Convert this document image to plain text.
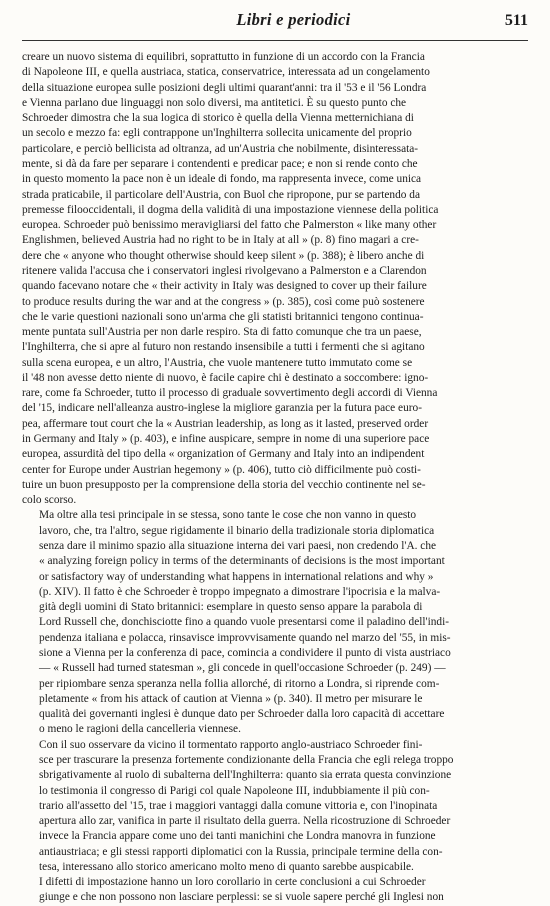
Libri e periodici	511

creare un nuovo sistema di equilibri, soprattutto in funzione di un accordo con la Francia
di Napoleone III, e quella austriaca, statica, conservatrice, interessata ad un congelamento
della situazione europea sulle posizioni degli ultimi quarant'anni: tra il '53 e il '56 Londra
e Vienna parlano due linguaggi non solo diversi, ma antitetici. È su questo punto che
Schroeder dimostra che la sua logica di storico è quella della Vienna metternichiana di
un secolo e mezzo fa: egli contrappone un'Inghilterra sollecita unicamente del proprio
particolare, e perciò bellicista ad oltranza, ad un'Austria che nobilmente, disinteressata-
mente, si dà da fare per separare i contendenti e predicar pace; e non si rende conto che
in questo momento la pace non è un ideale di fondo, ma rappresenta invece, come unica
strada praticabile, il particolare dell'Austria, con Buol che ripropone, pur se partendo da
premesse filooccidentali, il dogma della validità di una impostazione viennese della politica
europea. Schroeder può benissimo meravigliarsi del fatto che Palmerston « like many other
Englishmen, believed Austria had no right to be in Italy at all » (p. 8) fino magari a cre-
dere che « anyone who thought otherwise should keep silent » (p. 388); è libero anche di
ritenere valida l'accusa che i conservatori inglesi rivolgevano a Palmerston e a Clarendon
quando facevano notare che « their activity in Italy was designed to cover up their failure
to produce results during the war and at the congress » (p. 385), così come può sostenere
che le varie questioni nazionali sono un'arma che gli statisti britannici tengono continua-
mente puntata sull'Austria per non darle respiro. Sta di fatto comunque che tra un paese,
l'Inghilterra, che si apre al futuro non restando insensibile a tutti i fermenti che si agitano
sulla scena europea, e un altro, l'Austria, che vuole mantenere tutto immutato come se
il '48 non avesse detto niente di nuovo, è facile capire chi è destinato a soccombere: igno-
rare, come fa Schroeder, tutto il processo di graduale sovvertimento degli accordi di Vienna
del '15, indicare nell'alleanza austro-inglese la migliore garanzia per la futura pace euro-
pea, affermare tout court che la « Austrian leadership, as long as it lasted, preserved order
in Germany and Italy » (p. 403), e infine auspicare, sempre in nome di una superiore pace
europea, assurdità del tipo della « organization of Germany and Italy into an indipendent
center for Europe under Austrian hegemony » (p. 406), tutto ciò difficilmente può costi-
tuire un buon presupposto per la comprensione della storia del vecchio continente nel se-
colo scorso.

Ma oltre alla tesi principale in se stessa, sono tante le cose che non vanno in questo
lavoro, che, tra l'altro, segue rigidamente il binario della tradizionale storia diplomatica
senza dare il minimo spazio alla situazione interna dei vari paesi, non credendo l'A. che
« analyzing foreign policy in terms of the determinants of decisions is the most important
or satisfactory way of understanding what happens in international relations and why »
(p. XIV). Il fatto è che Schroeder è troppo impegnato a dimostrare l'ipocrisia e la malva-
gità degli uomini di Stato britannici: esemplare in questo senso appare la parabola di
Lord Russell che, donchisciotte fino a quando vuole presentarsi come il paladino dell'indi-
pendenza italiana e polacca, rinsavisce improvvisamente quando nel marzo del '55, in mis-
sione a Vienna per la conferenza di pace, comincia a condividere il punto di vista austriaco
— « Russell had turned statesman », gli concede in quell'occasione Schroeder (p. 249) —
per ripiombare senza speranza nella follia allorché, di ritorno a Londra, si riprende com-
pletamente « from his attack of caution at Vienna » (p. 340). Il metro per misurare le
qualità dei governanti inglesi è dunque dato per Schroeder dalla loro capacità di accettare
o meno le ragioni della cancelleria viennese.

Con il suo osservare da vicino il tormentato rapporto anglo-austriaco Schroeder fini-
sce per trascurare la presenza fortemente condizionante della Francia che egli relega troppo
sbrigativamente al ruolo di subalterna dell'Inghilterra: quanto sia errata questa convinzione
lo testimonia il congresso di Parigi col quale Napoleone III, indubbiamente il più con-
trario all'assetto del '15, trae i maggiori vantaggi dalla comune vittoria e, con l'inopinata
apertura allo zar, vanifica in parte il risultato della guerra. Nella ricostruzione di Schroeder
invece la Francia appare come uno dei tanti manichini che Londra manovra in funzione
antiaustriaca; e gli stessi rapporti diplomatici con la Russia, principale termine della con-
tesa, interessano allo storico americano molto meno di quanto sarebbe auspicabile.

I difetti di impostazione hanno un loro corollario in certe conclusioni a cui Schroeder
giunge e che non possono non lasciare perplessi: se si vuole sapere perché gli Inglesi non
